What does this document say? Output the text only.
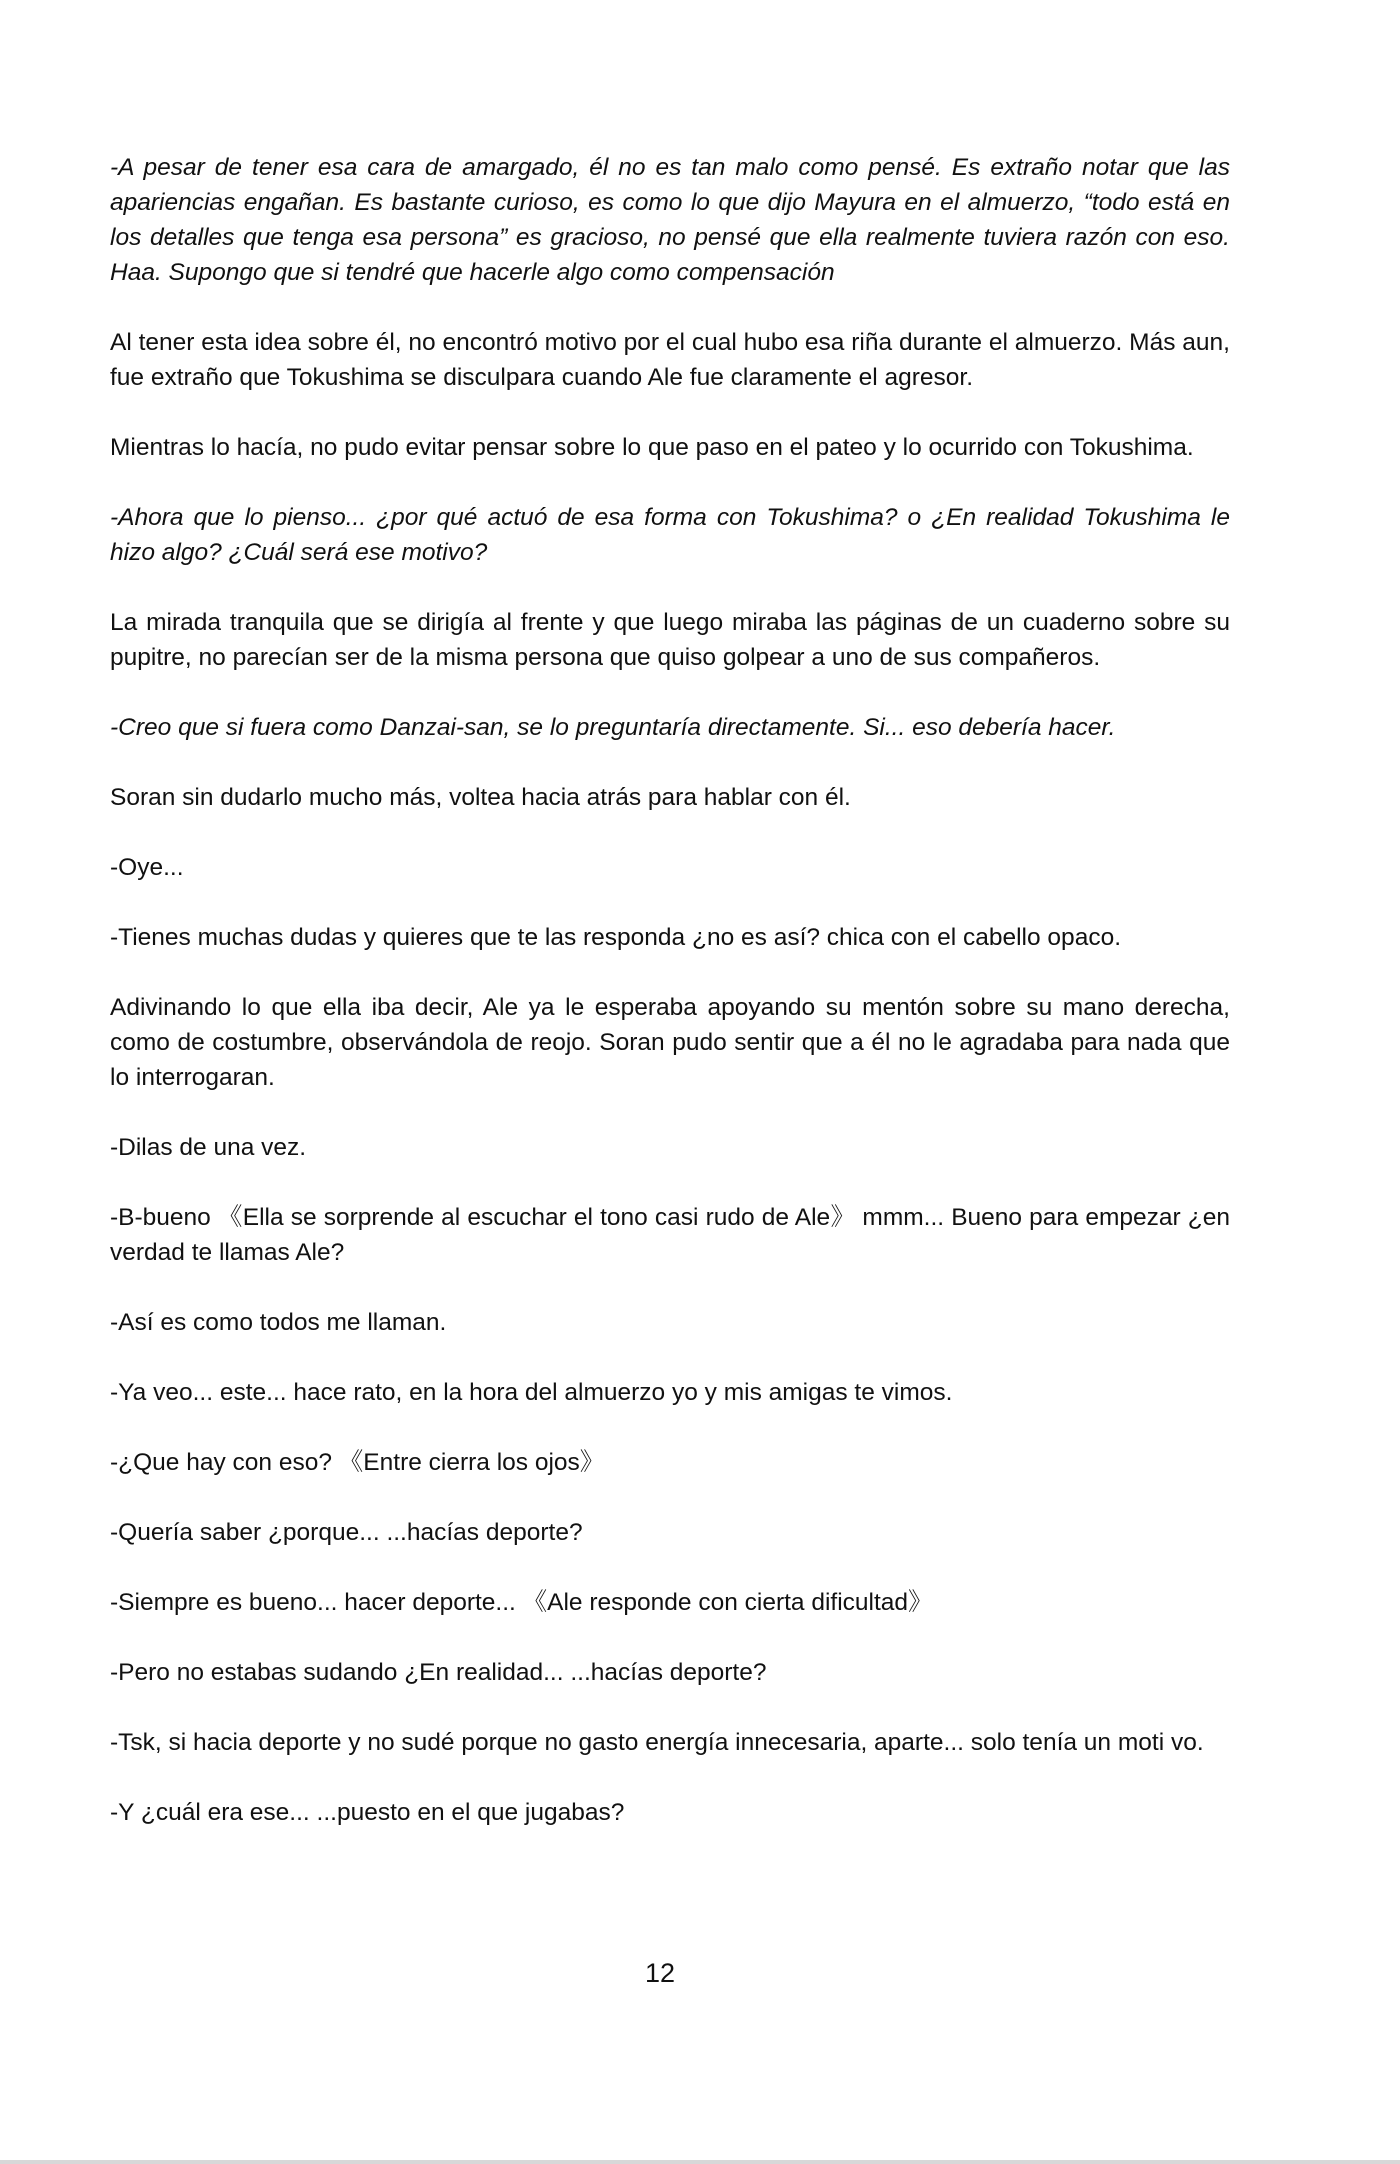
-A pesar de tener esa cara de amargado, él no es tan malo como pensé. Es extraño notar que las apariencias engañan. Es bastante curioso, es como lo que dijo Mayura en el almuerzo, “todo está en los detalles que tenga esa persona” es gracioso, no pensé que ella realmente tuviera razón con eso. Haa. Supongo que si tendré que hacerle algo como compensación

Al tener esta idea sobre él, no encontró motivo por el cual hubo esa riña durante el almuerzo. Más aun, fue extraño que Tokushima se disculpara cuando Ale fue claramente el agresor.

Mientras lo hacía, no pudo evitar pensar sobre lo que paso en el pateo y lo ocurrido con Tokushima.

-Ahora que lo pienso... ¿por qué actuó de esa forma con Tokushima? o ¿En realidad Tokushima le hizo algo? ¿Cuál será ese motivo?

La mirada tranquila que se dirigía al frente y que luego miraba las páginas de un cuaderno sobre su pupitre, no parecían ser de la misma persona que quiso golpear a uno de sus compañeros.

-Creo que si fuera como Danzai-san, se lo preguntaría directamente. Si... eso debería hacer.

Soran sin dudarlo mucho más, voltea hacia atrás para hablar con él.

-Oye...

-Tienes muchas dudas y quieres que te las responda ¿no es así? chica con el cabello opaco.

Adivinando lo que ella iba decir, Ale ya le esperaba apoyando su mentón sobre su mano derecha, como de costumbre, observándola de reojo. Soran pudo sentir que a él no le agradaba para nada que lo interrogaran.

-Dilas de una vez.

-B-bueno 《Ella se sorprende al escuchar el tono casi rudo de Ale》 mmm... Bueno para empezar ¿en verdad te llamas Ale?

-Así es como todos me llaman.

-Ya veo... este... hace rato, en la hora del almuerzo yo y mis amigas te vimos.

-¿Que hay con eso? 《Entre cierra los ojos》

-Quería saber ¿porque... ...hacías deporte?

-Siempre es bueno... hacer deporte... 《Ale responde con cierta dificultad》

-Pero no estabas sudando ¿En realidad... ...hacías deporte?

-Tsk, si hacia deporte y no sudé porque no gasto energía innecesaria, aparte... solo tenía un moti vo.

-Y ¿cuál era ese... ...puesto en el que jugabas?

12
